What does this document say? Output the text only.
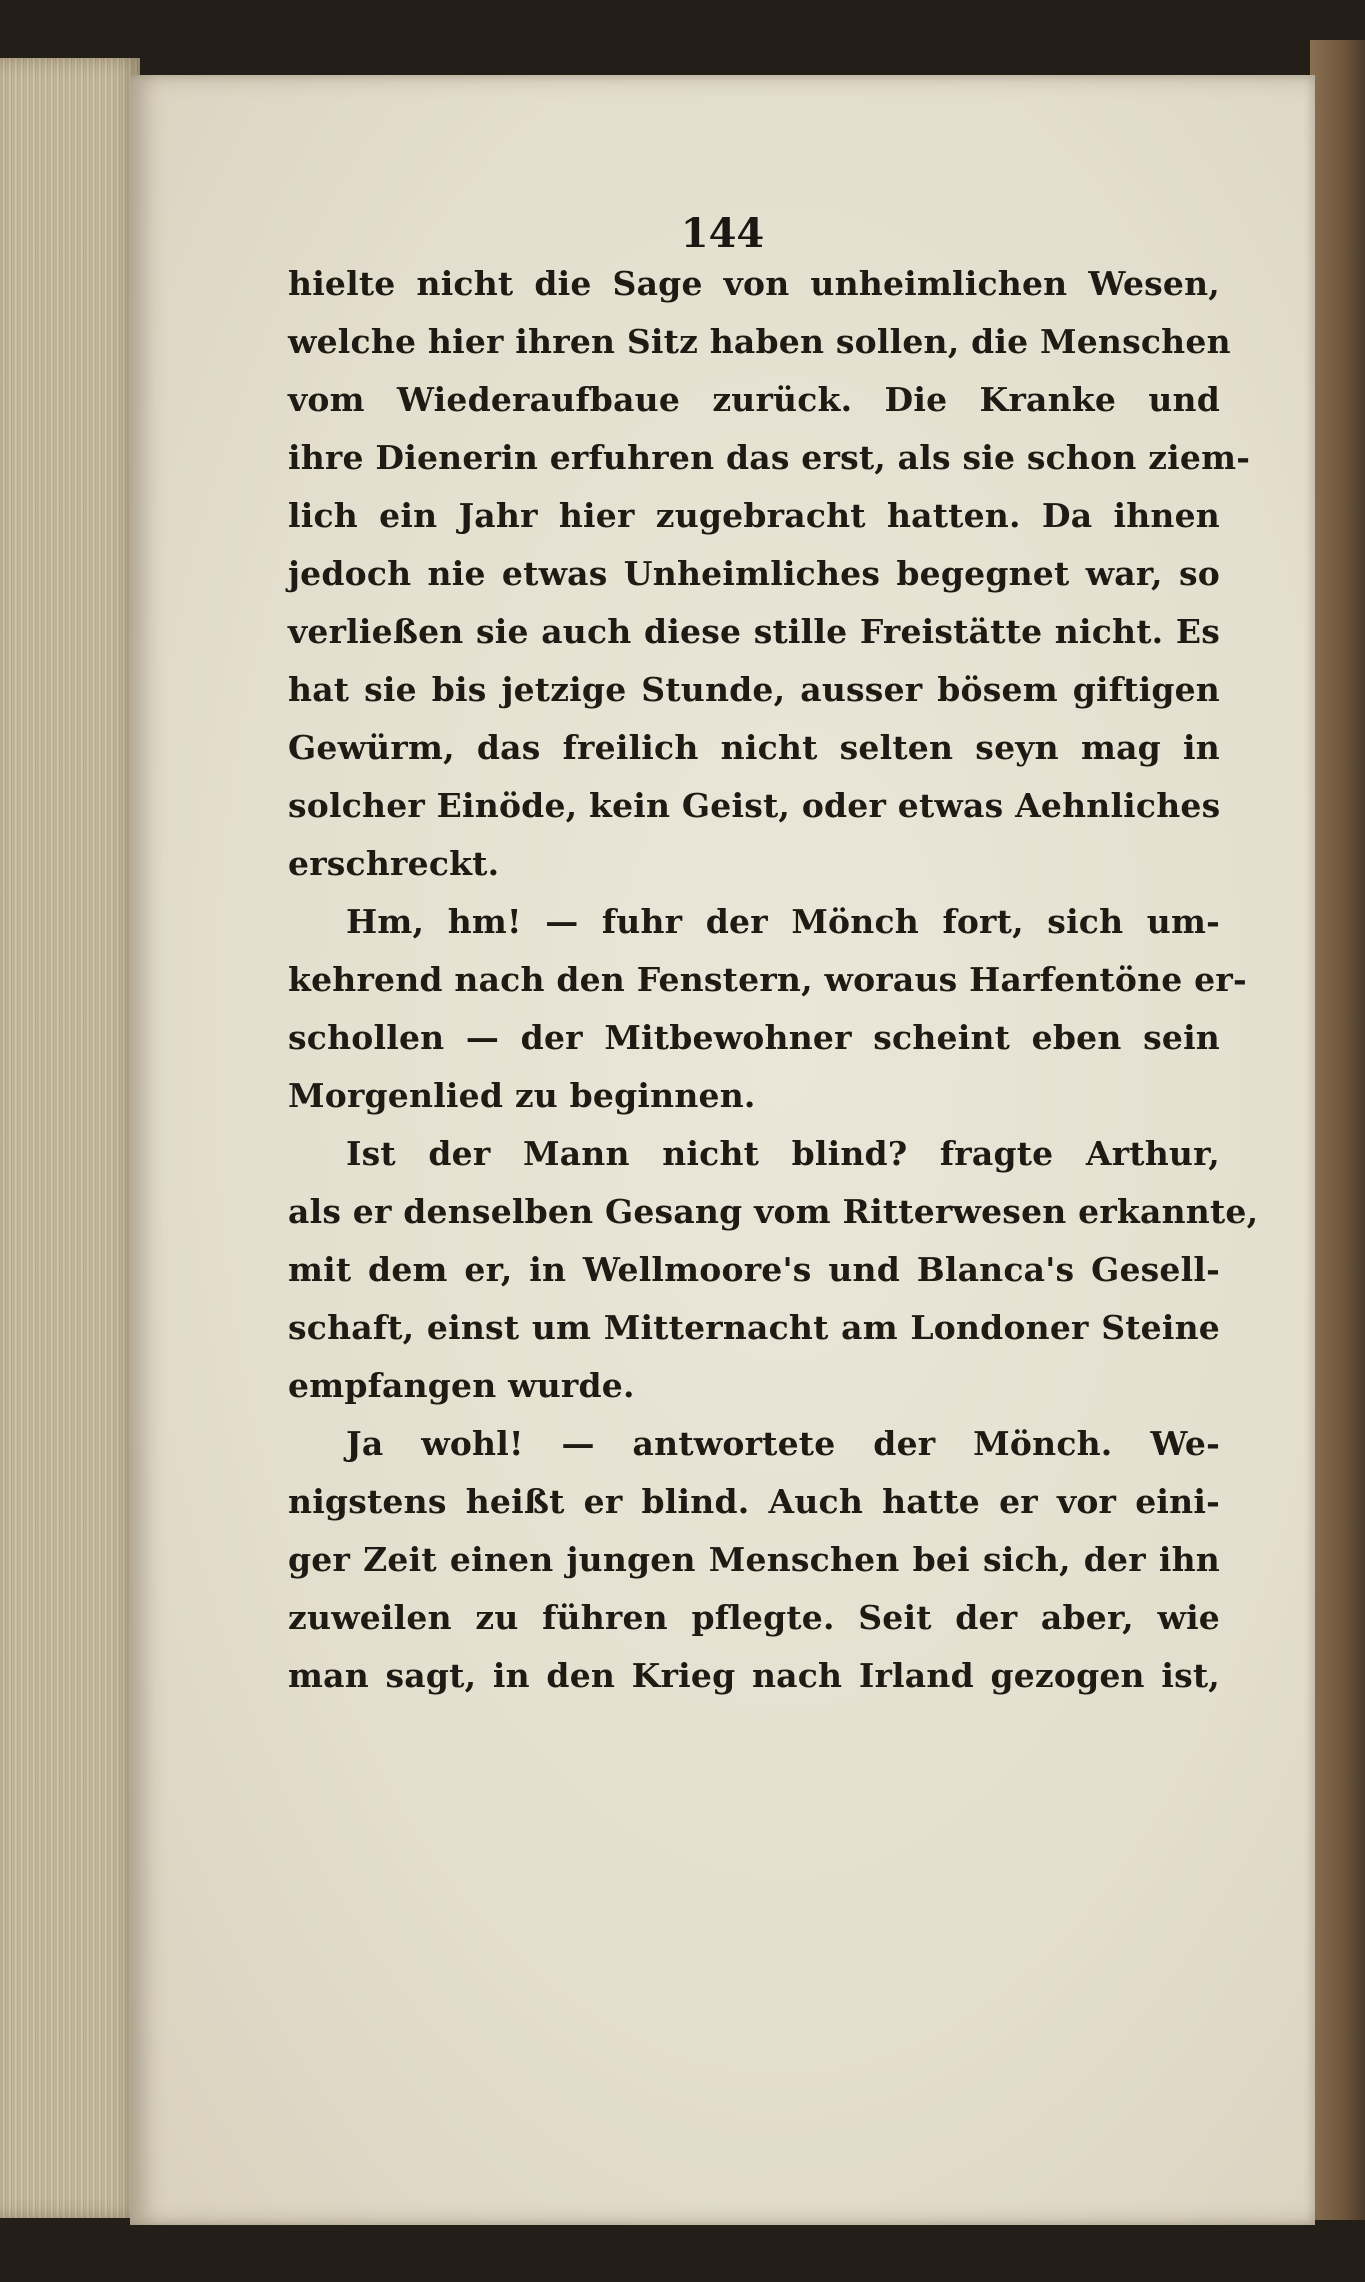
144
hielte nicht die Sage von unheimlichen Wesen,
welche hier ihren Sitz haben sollen, die Menschen
vom Wiederaufbaue zurück. Die Kranke und
ihre Dienerin erfuhren das erst, als sie schon ziem-
lich ein Jahr hier zugebracht hatten. Da ihnen
jedoch nie etwas Unheimliches begegnet war, so
verließen sie auch diese stille Freistätte nicht. Es
hat sie bis jetzige Stunde, ausser bösem giftigen
Gewürm, das freilich nicht selten seyn mag in
solcher Einöde, kein Geist, oder etwas Aehnliches
erschreckt.
Hm, hm! — fuhr der Mönch fort, sich um-
kehrend nach den Fenstern, woraus Harfentöne er-
schollen — der Mitbewohner scheint eben sein
Morgenlied zu beginnen.
Ist der Mann nicht blind? fragte Arthur,
als er denselben Gesang vom Ritterwesen erkannte,
mit dem er, in Wellmoore's und Blanca's Gesell-
schaft, einst um Mitternacht am Londoner Steine
empfangen wurde.
Ja wohl! — antwortete der Mönch. We-
nigstens heißt er blind. Auch hatte er vor eini-
ger Zeit einen jungen Menschen bei sich, der ihn
zuweilen zu führen pflegte. Seit der aber, wie
man sagt, in den Krieg nach Irland gezogen ist,
